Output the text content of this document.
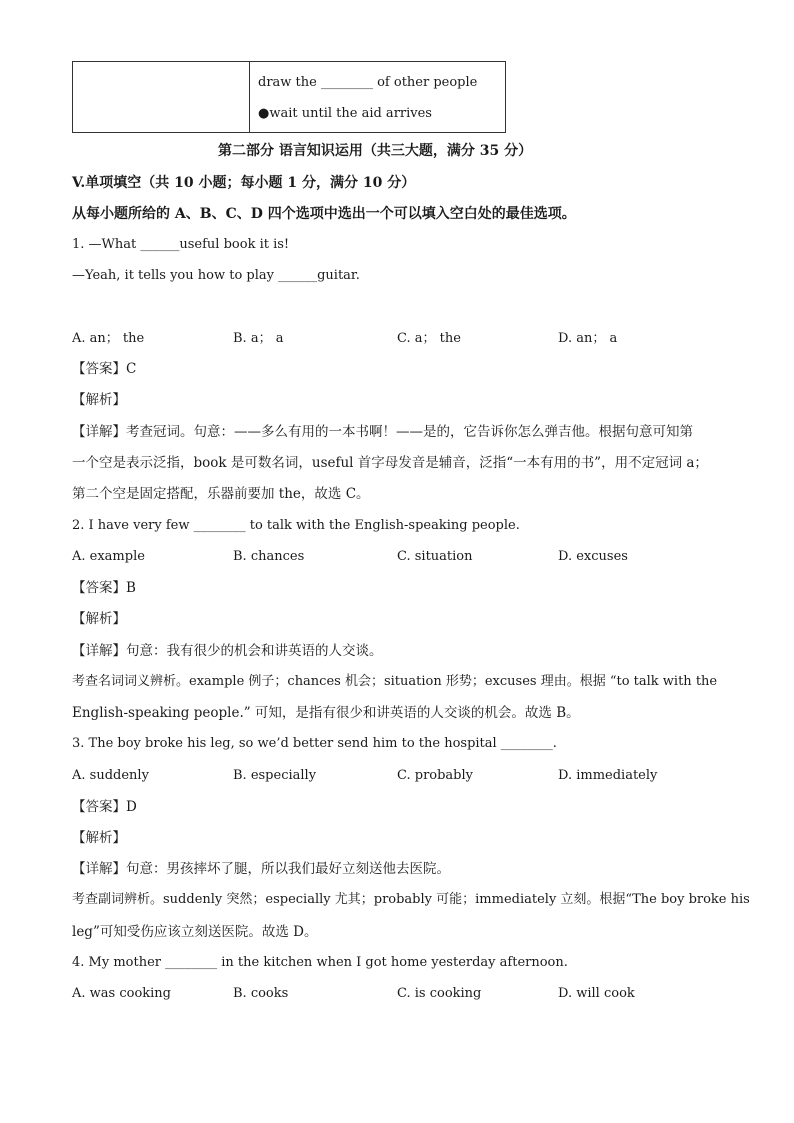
draw the ________ of other people
●wait until the aid arrives
第二部分 语言知识运用（共三大题，满分 35 分）
V.单项填空（共 10 小题；每小题 1 分，满分 10 分）
从每小题所给的 A、B、C、D 四个选项中选出一个可以填入空白处的最佳选项。
1. —What ______useful book it is!
—Yeah, it tells you how to play ______guitar.
A. an； the	B. a； a	C. a； the	D. an； a
【答案】C
【解析】
【详解】考查冠词。句意：——多么有用的一本书啊！——是的，它告诉你怎么弹吉他。根据句意可知第
一个空是表示泛指，book 是可数名词，useful 首字母发音是辅音，泛指“一本有用的书”，用不定冠词 a；
第二个空是固定搭配，乐器前要加 the，故选 C。
2. I have very few ________ to talk with the English-speaking people.
A. example	B. chances	C. situation	D. excuses
【答案】B
【解析】
【详解】句意：我有很少的机会和讲英语的人交谈。
考查名词词义辨析。example 例子；chances 机会；situation 形势；excuses 理由。根据 “to talk with the
English-speaking people.” 可知，是指有很少和讲英语的人交谈的机会。故选 B。
3. The boy broke his leg, so we’d better send him to the hospital ________.
A. suddenly	B. especially	C. probably	D. immediately
【答案】D
【解析】
【详解】句意：男孩摔坏了腿，所以我们最好立刻送他去医院。
考查副词辨析。suddenly 突然；especially 尤其；probably 可能；immediately 立刻。根据“The boy broke his
leg”可知受伤应该立刻送医院。故选 D。
4. My mother ________ in the kitchen when I got home yesterday afternoon.
A. was cooking	B. cooks	C. is cooking	D. will cook
